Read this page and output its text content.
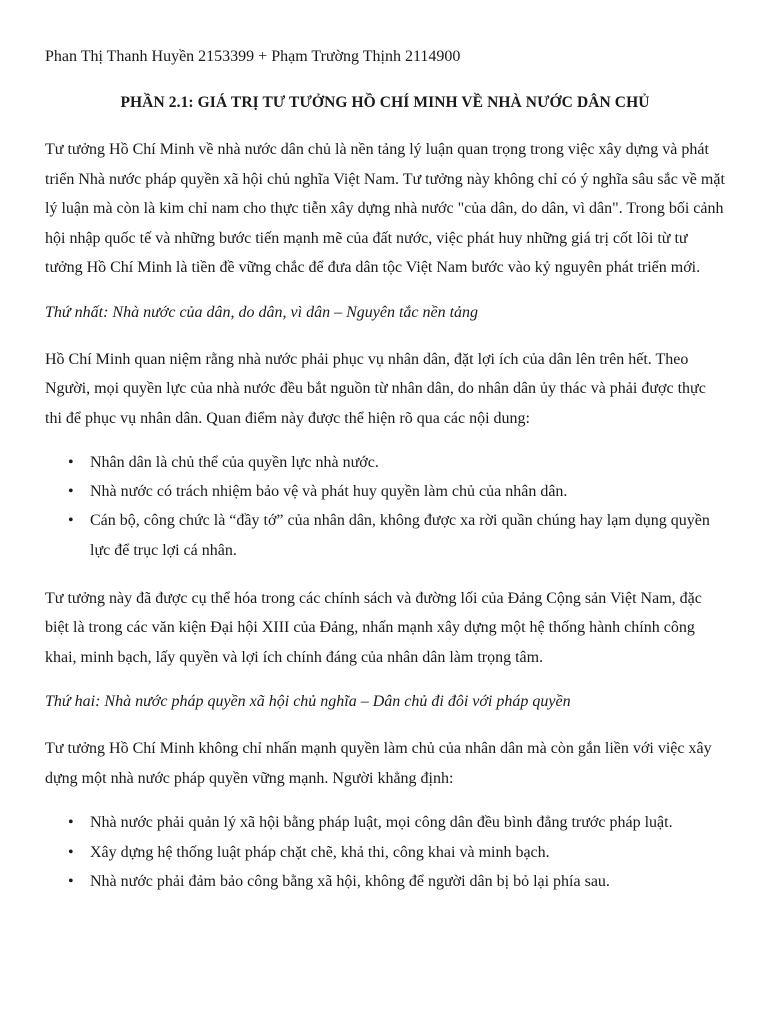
Phan Thị Thanh Huyền 2153399 + Phạm Trường Thịnh 2114900

PHẦN 2.1: GIÁ TRỊ TƯ TƯỞNG HỒ CHÍ MINH VỀ NHÀ NƯỚC DÂN CHỦ

Tư tưởng Hồ Chí Minh về nhà nước dân chủ là nền tảng lý luận quan trọng trong việc xây dựng và phát triển Nhà nước pháp quyền xã hội chủ nghĩa Việt Nam. Tư tưởng này không chỉ có ý nghĩa sâu sắc về mặt lý luận mà còn là kim chỉ nam cho thực tiễn xây dựng nhà nước "của dân, do dân, vì dân". Trong bối cảnh hội nhập quốc tế và những bước tiến mạnh mẽ của đất nước, việc phát huy những giá trị cốt lõi từ tư tưởng Hồ Chí Minh là tiền đề vững chắc để đưa dân tộc Việt Nam bước vào kỷ nguyên phát triển mới.

Thứ nhất: Nhà nước của dân, do dân, vì dân – Nguyên tắc nền tảng

Hồ Chí Minh quan niệm rằng nhà nước phải phục vụ nhân dân, đặt lợi ích của dân lên trên hết. Theo Người, mọi quyền lực của nhà nước đều bắt nguồn từ nhân dân, do nhân dân ủy thác và phải được thực thi để phục vụ nhân dân. Quan điểm này được thể hiện rõ qua các nội dung:

• Nhân dân là chủ thể của quyền lực nhà nước.
• Nhà nước có trách nhiệm bảo vệ và phát huy quyền làm chủ của nhân dân.
• Cán bộ, công chức là “đầy tớ” của nhân dân, không được xa rời quần chúng hay lạm dụng quyền lực để trục lợi cá nhân.

Tư tưởng này đã được cụ thể hóa trong các chính sách và đường lối của Đảng Cộng sản Việt Nam, đặc biệt là trong các văn kiện Đại hội XIII của Đảng, nhấn mạnh xây dựng một hệ thống hành chính công khai, minh bạch, lấy quyền và lợi ích chính đáng của nhân dân làm trọng tâm.

Thứ hai: Nhà nước pháp quyền xã hội chủ nghĩa – Dân chủ đi đôi với pháp quyền

Tư tưởng Hồ Chí Minh không chỉ nhấn mạnh quyền làm chủ của nhân dân mà còn gắn liền với việc xây dựng một nhà nước pháp quyền vững mạnh. Người khẳng định:

• Nhà nước phải quản lý xã hội bằng pháp luật, mọi công dân đều bình đẳng trước pháp luật.
• Xây dựng hệ thống luật pháp chặt chẽ, khả thi, công khai và minh bạch.
• Nhà nước phải đảm bảo công bằng xã hội, không để người dân bị bỏ lại phía sau.
